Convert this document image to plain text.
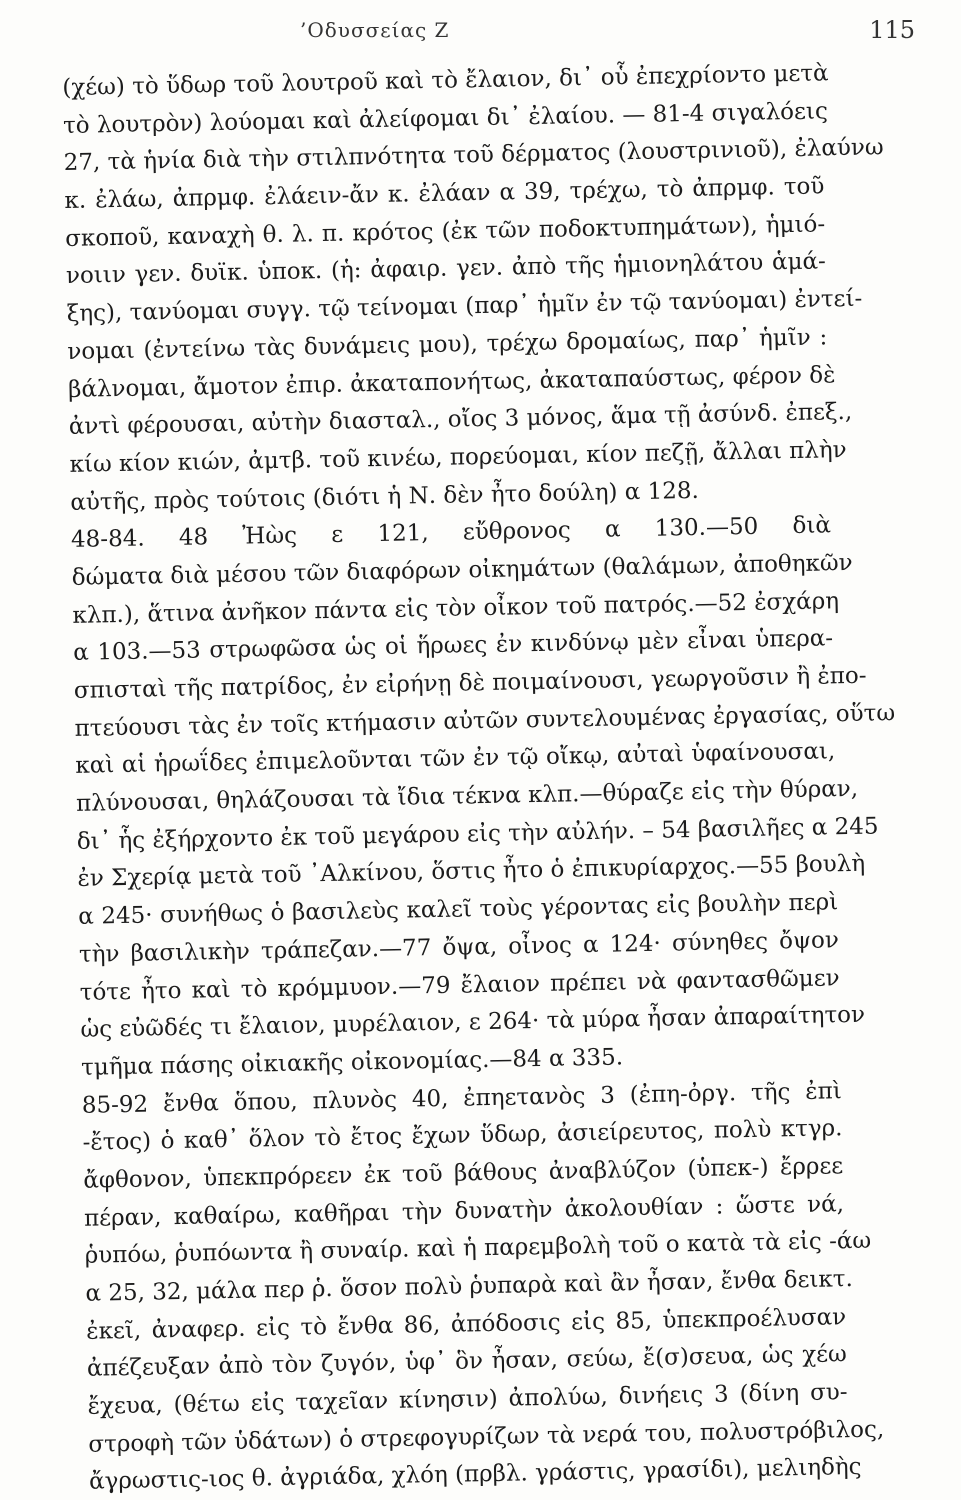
’Οδυσσείας Ζ	115
(χέω) τὸ ὕδωρ τοῦ λουτροῦ καὶ τὸ ἔλαιον, δι᾽ οὗ ἐπεχρίοντο μετὰ
τὸ λουτρὸν) λούομαι καὶ ἀλείφομαι δι᾽ ἐλαίου. — 81-4 σιγαλόεις
27, τὰ ἡνία διὰ τὴν στιλπνότητα τοῦ δέρματος (λουστρινιοῦ), ἐλαύνω
κ. ἐλάω, ἀπρμφ. ἐλάειν-ἄν κ. ἐλάαν α 39, τρέχω, τὸ ἀπρμφ. τοῦ
σκοποῦ, καναχὴ θ. λ. π. κρότος (ἐκ τῶν ποδοκτυπημάτων), ἡμιό-
νοιιν γεν. δυϊκ. ὑποκ. (ἡ: ἀφαιρ. γεν. ἀπὸ τῆς ἡμιονηλάτου ἁμά-
ξης), τανύομαι συγγ. τῷ τείνομαι (παρ᾽ ἡμῖν ἐν τῷ τανύομαι) ἐντεί-
νομαι (ἐντείνω τὰς δυνάμεις μου), τρέχω δρομαίως, παρ᾽ ἡμῖν :
βάλνομαι, ἄμοτον ἐπιρ. ἀκαταπονήτως, ἀκαταπαύστως, φέρον δὲ
ἀντὶ φέρουσαι, αὐτὴν διασταλ., οἴος 3 μόνος, ἅμα τῇ ἀσύνδ. ἐπεξ.,
κίω κίον κιών, ἀμτβ. τοῦ κινέω, πορεύομαι, κίον πεζῇ, ἄλλαι πλὴν
αὐτῆς, πρὸς τούτοις (διότι ἡ Ν. δὲν ἦτο δούλη) α 128.
48-84. 48 Ἠὼς ε 121, εὔθρονος α 130.—50 διὰ
δώματα διὰ μέσου τῶν διαφόρων οἰκημάτων (θαλάμων, ἀποθηκῶν
κλπ.), ἅτινα ἀνῆκον πάντα εἰς τὸν οἶκον τοῦ πατρός.—52 ἐσχάρη
α 103.—53 στρωφῶσα ὡς οἱ ἥρωες ἐν κινδύνῳ μὲν εἶναι ὑπερα-
σπισταὶ τῆς πατρίδος, ἐν εἰρήνῃ δὲ ποιμαίνουσι, γεωργοῦσιν ἢ ἐπο-
πτεύουσι τὰς ἐν τοῖς κτήμασιν αὐτῶν συντελουμένας ἐργασίας, οὕτω
καὶ αἱ ἡρωΐδες ἐπιμελοῦνται τῶν ἐν τῷ οἴκῳ, αὐταὶ ὑφαίνουσαι,
πλύνουσαι, θηλάζουσαι τὰ ἴδια τέκνα κλπ.—θύραζε εἰς τὴν θύραν,
δι᾽ ἧς ἐξήρχοντο ἐκ τοῦ μεγάρου εἰς τὴν αὐλήν. – 54 βασιλῆες α 245
ἐν Σχερίᾳ μετὰ τοῦ ᾿Αλκίνου, ὅστις ἦτο ὁ ἐπικυρίαρχος.—55 βουλὴ
α 245· συνήθως ὁ βασιλεὺς καλεῖ τοὺς γέροντας εἰς βουλὴν περὶ
τὴν βασιλικὴν τράπεζαν.—77 ὄψα, οἶνος α 124· σύνηθες ὄψον
τότε ἦτο καὶ τὸ κρόμμυον.—79 ἔλαιον πρέπει νὰ φαντασθῶμεν
ὡς εὐῶδές τι ἔλαιον, μυρέλαιον, ε 264· τὰ μύρα ἦσαν ἀπαραίτητον
τμῆμα πάσης οἰκιακῆς οἰκονομίας.—84 α 335.
85-92 ἔνθα ὅπου, πλυνὸς 40, ἐπηετανὸς 3 (ἐπη-ὀργ. τῆς ἐπὶ
-ἔτος) ὁ καθ᾽ ὅλον τὸ ἔτος ἔχων ὕδωρ, ἀσιείρευτος, πολὺ κτγρ.
ἄφθονον, ὑπεκπρόρεεν ἐκ τοῦ βάθους ἀναβλύζον (ὑπεκ-) ἔρρεε
πέραν, καθαίρω, καθῆραι τὴν δυνατὴν ἀκολουθίαν : ὥστε νά,
ῥυπόω, ῥυπόωντα ἢ συναίρ. καὶ ἡ παρεμβολὴ τοῦ ο κατὰ τὰ εἰς -άω
α 25, 32, μάλα περ ῥ. ὅσον πολὺ ῥυπαρὰ καὶ ἂν ἦσαν, ἔνθα δεικτ.
ἐκεῖ, ἀναφερ. εἰς τὸ ἔνθα 86, ἀπόδοσις εἰς 85, ὑπεκπροέλυσαν
ἀπέζευξαν ἀπὸ τὸν ζυγόν, ὑφ᾽ ὃν ἦσαν, σεύω, ἔ(σ)σευα, ὡς χέω
ἔχευα, (θέτω εἰς ταχεῖαν κίνησιν) ἀπολύω, δινήεις 3 (δίνη συ-
στροφὴ τῶν ὑδάτων) ὁ στρεφογυρίζων τὰ νερά του, πολυστρόβιλος,
ἄγρωστις-ιος θ. ἀγριάδα, χλόη (πρβλ. γράστις, γρασίδι), μελιηδὴς
